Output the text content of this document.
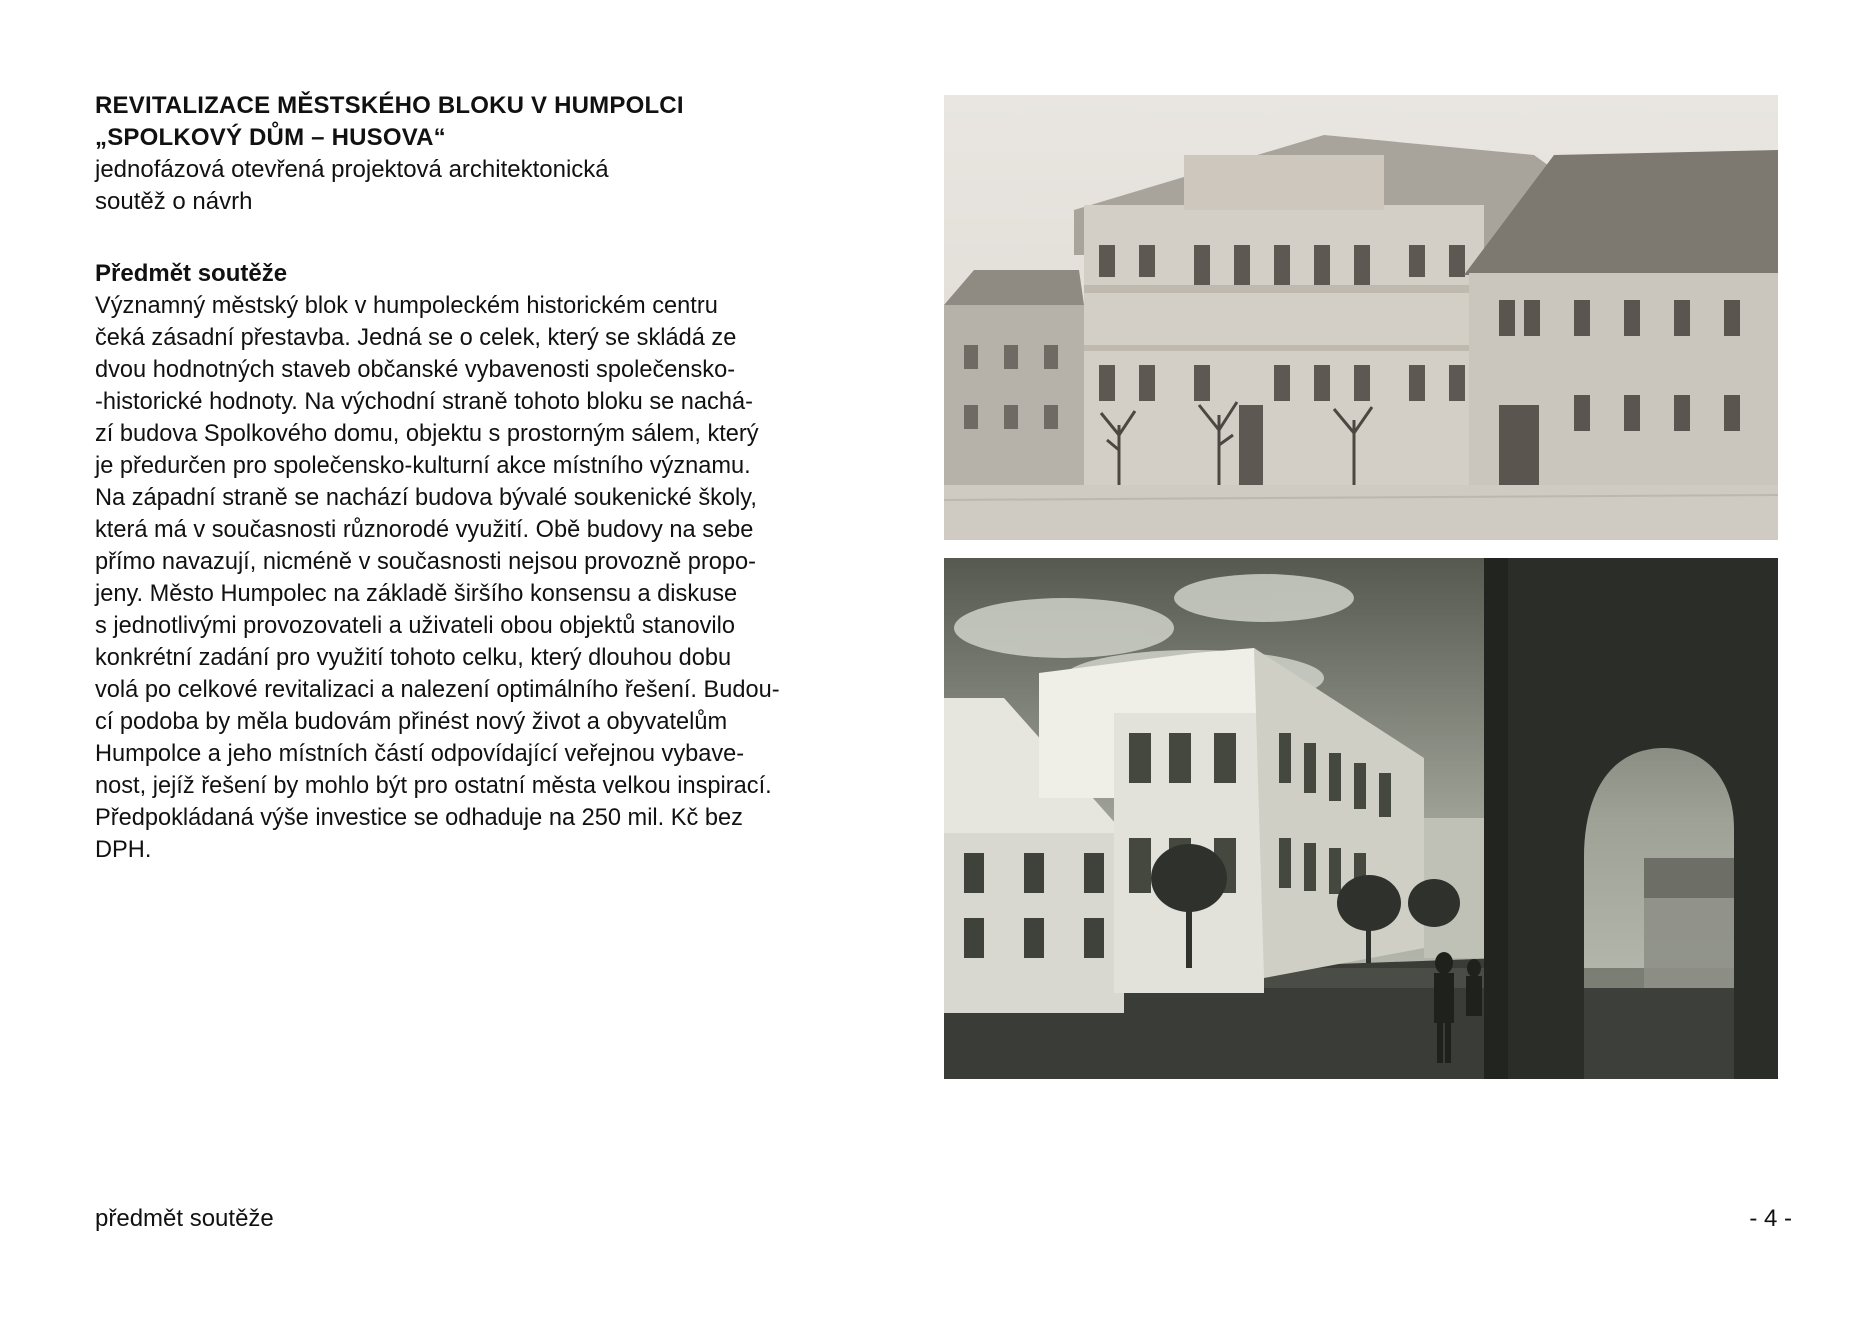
REVITALIZACE MĚSTSKÉHO BLOKU V HUMPOLCI

„SPOLKOVÝ DŮM – HUSOVA“

jednofázová otevřená projektová architektonická

soutěž o návrh

Předmět soutěže

Významný městský blok v humpoleckém historickém centru
čeká zásadní přestavba. Jedná se o celek, který se skládá ze
dvou hodnotných staveb občanské vybavenosti společensko-
-historické hodnoty. Na východní straně tohoto bloku se nachá-
zí budova Spolkového domu, objektu s prostorným sálem, který
je předurčen pro společensko-kulturní akce místního významu.
Na západní straně se nachází budova bývalé soukenické školy,
která má v současnosti různorodé využití. Obě budovy na sebe
přímo navazují, nicméně v současnosti nejsou provozně propo-
jeny. Město Humpolec na základě širšího konsensu a diskuse
s jednotlivými provozovateli a uživateli obou objektů stanovilo
konkrétní zadání pro využití tohoto celku, který dlouhou dobu
volá po celkové revitalizaci a nalezení optimálního řešení. Budou-
cí podoba by měla budovám přinést nový život a obyvatelům
Humpolce a jeho místních částí odpovídající veřejnou vybave-
nost, jejíž řešení by mohlo být pro ostatní města velkou inspirací.
Předpokládaná výše investice se odhaduje na 250 mil. Kč bez
DPH.

předmět soutěže	- 4 -
